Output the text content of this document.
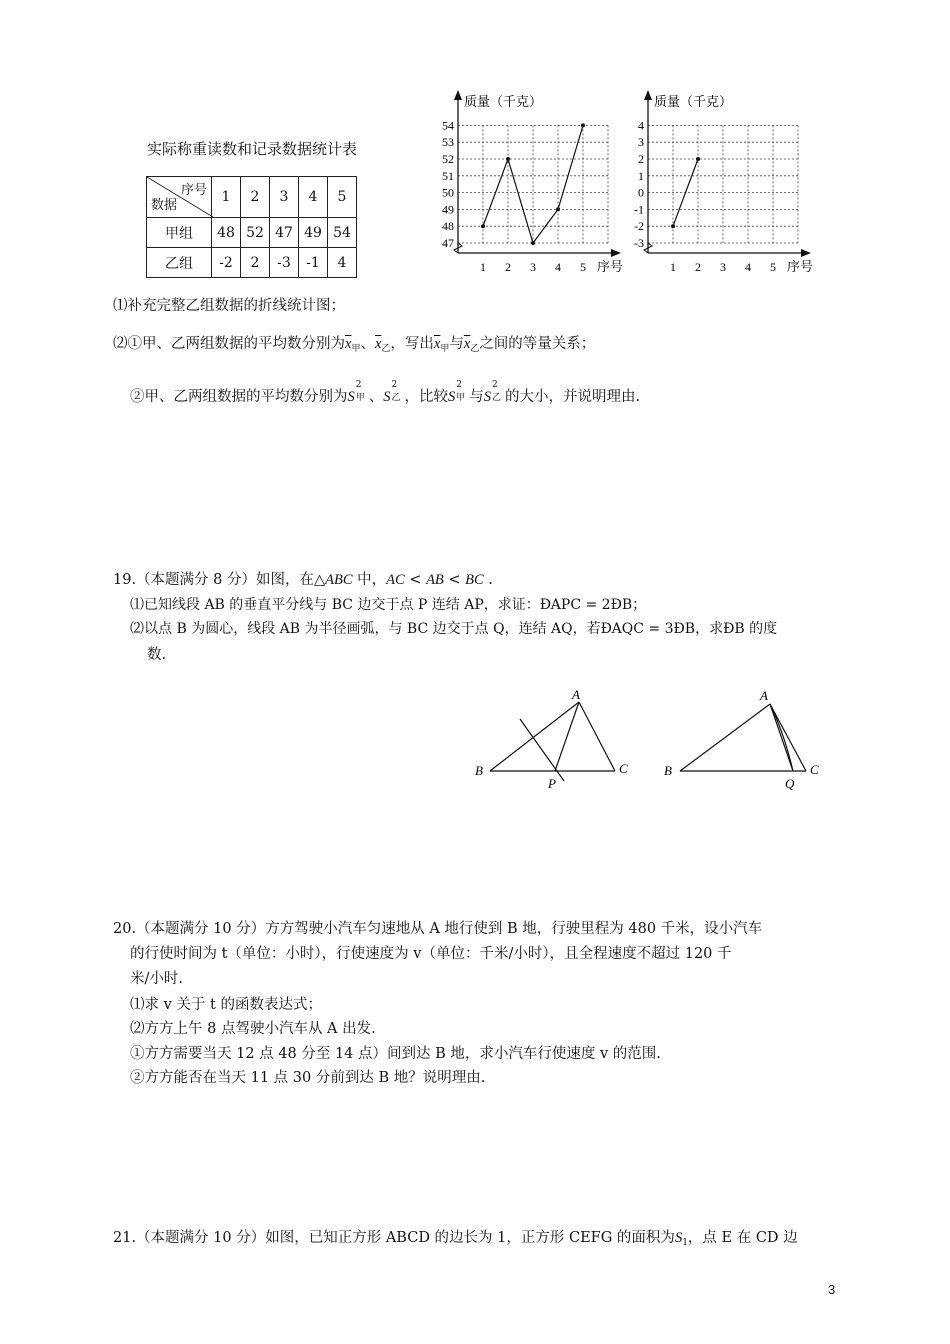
实际称重读数和记录数据统计表
序号
数据	1	2	3	4	5
甲组	48	52	47	49	54
乙组	-2	2	-3	-1	4
质量（千克）
54
53
52
51
50
49
48
47
1 2 3 4 5 序号
质量（千克）
4
3
2
1
0
-1
-2
-3
1 2 3 4 5 序号
⑴补充完整乙组数据的折线统计图；
⑵①甲、乙两组数据的平均数分别为$\overline{x}_甲$、$\overline{x}_乙$，写出$\overline{x}_甲$与$\overline{x}_乙$之间的等量关系；
②甲、乙两组数据的平均数分别为S
2
甲 、S
2
乙 ，比较S
2
甲 与S
2
乙 的大小，并说明理由.
19.（本题满分 8 分）如图，在△ABC 中，AC < AB < BC .
⑴已知线段 AB 的垂直平分线与 BC 边交于点 P 连结 AP，求证：ÐAPC = 2ÐB；
⑵以点 B 为圆心，线段 AB 为半径画弧，与 BC 边交于点 Q，连结 AQ，若ÐAQC = 3ÐB，求ÐB 的度
数.
A
B	C
P
A
B	C
Q
20.（本题满分 10 分）方方驾驶小汽车匀速地从 A 地行使到 B 地，行驶里程为 480 千米，设小汽车
的行使时间为 t（单位：小时），行使速度为 v（单位：千米/小时），且全程速度不超过 120 千
米/小时.
⑴求 v 关于 t 的函数表达式；
⑵方方上午 8 点驾驶小汽车从 A 出发.
①方方需要当天 12 点 48 分至 14 点）间到达 B 地，求小汽车行使速度 v 的范围.
②方方能否在当天 11 点 30 分前到达 B 地？说明理由.
21.（本题满分 10 分）如图，已知正方形 ABCD 的边长为 1，正方形 CEFG 的面积为$S_1$，点 E 在 CD 边
3
